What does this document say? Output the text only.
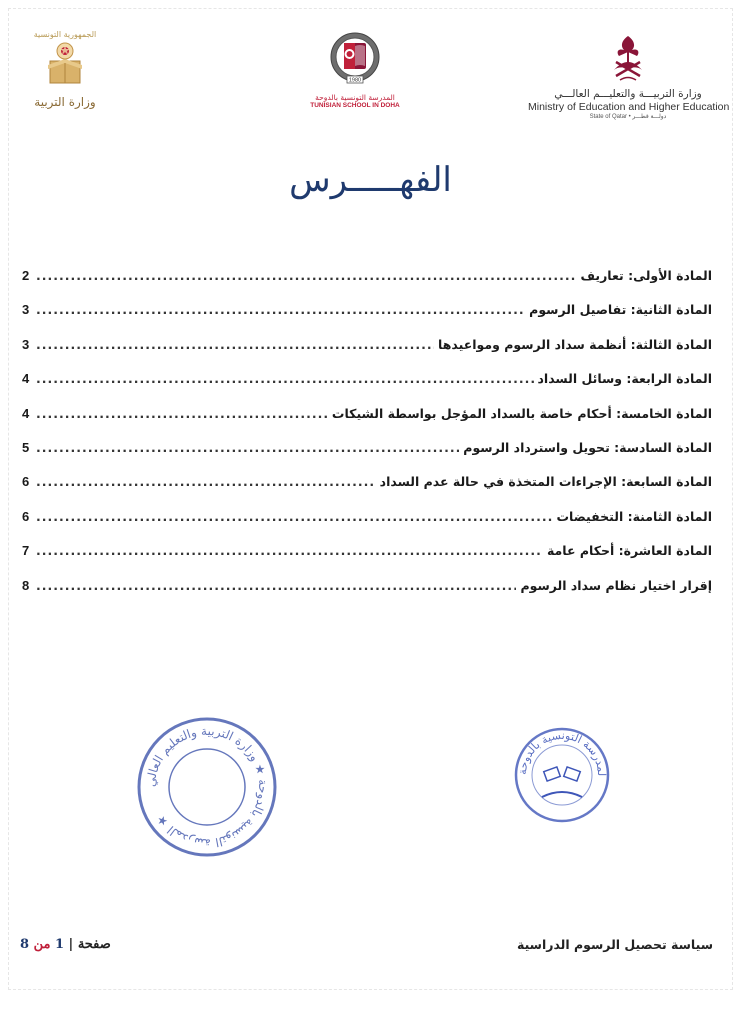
وزارة التربيـــة والتعليـــم العالـــي
Ministry of Education and Higher Education
State of Qatar • دولـــة قطـــر
1980
المدرسة التونسية بالدوحة
TUNISIAN SCHOOL IN DOHA
الجمهورية التونسية
وزارة التربية
الفهـــــرس
المادة الأولى: تعاريف
.....
2
المادة الثانية: تفاصيل الرسوم
.....
3
المادة الثالثة: أنظمة سداد الرسوم ومواعيدها
.....
3
المادة الرابعة: وسائل السداد
.....
4
المادة الخامسة: أحكام خاصة بالسداد المؤجل بواسطة الشيكات
.....
4
المادة السادسة: تحويل واسترداد الرسوم
.....
5
المادة السابعة: الإجراءات المتخذة في حالة عدم السداد
.....
6
المادة الثامنة: التخفيضات
.....
6
المادة العاشرة: أحكام عامة
.....
7
إقرار اختيار نظام سداد الرسوم
.....
8
المدرسة التونسية بالدوحة ★ وزارة التربية والتعليم العالي ★
لمدرسة التونسية بالدوحة
صفحة | 1 من 8	سياسة تحصيل الرسوم الدراسية
